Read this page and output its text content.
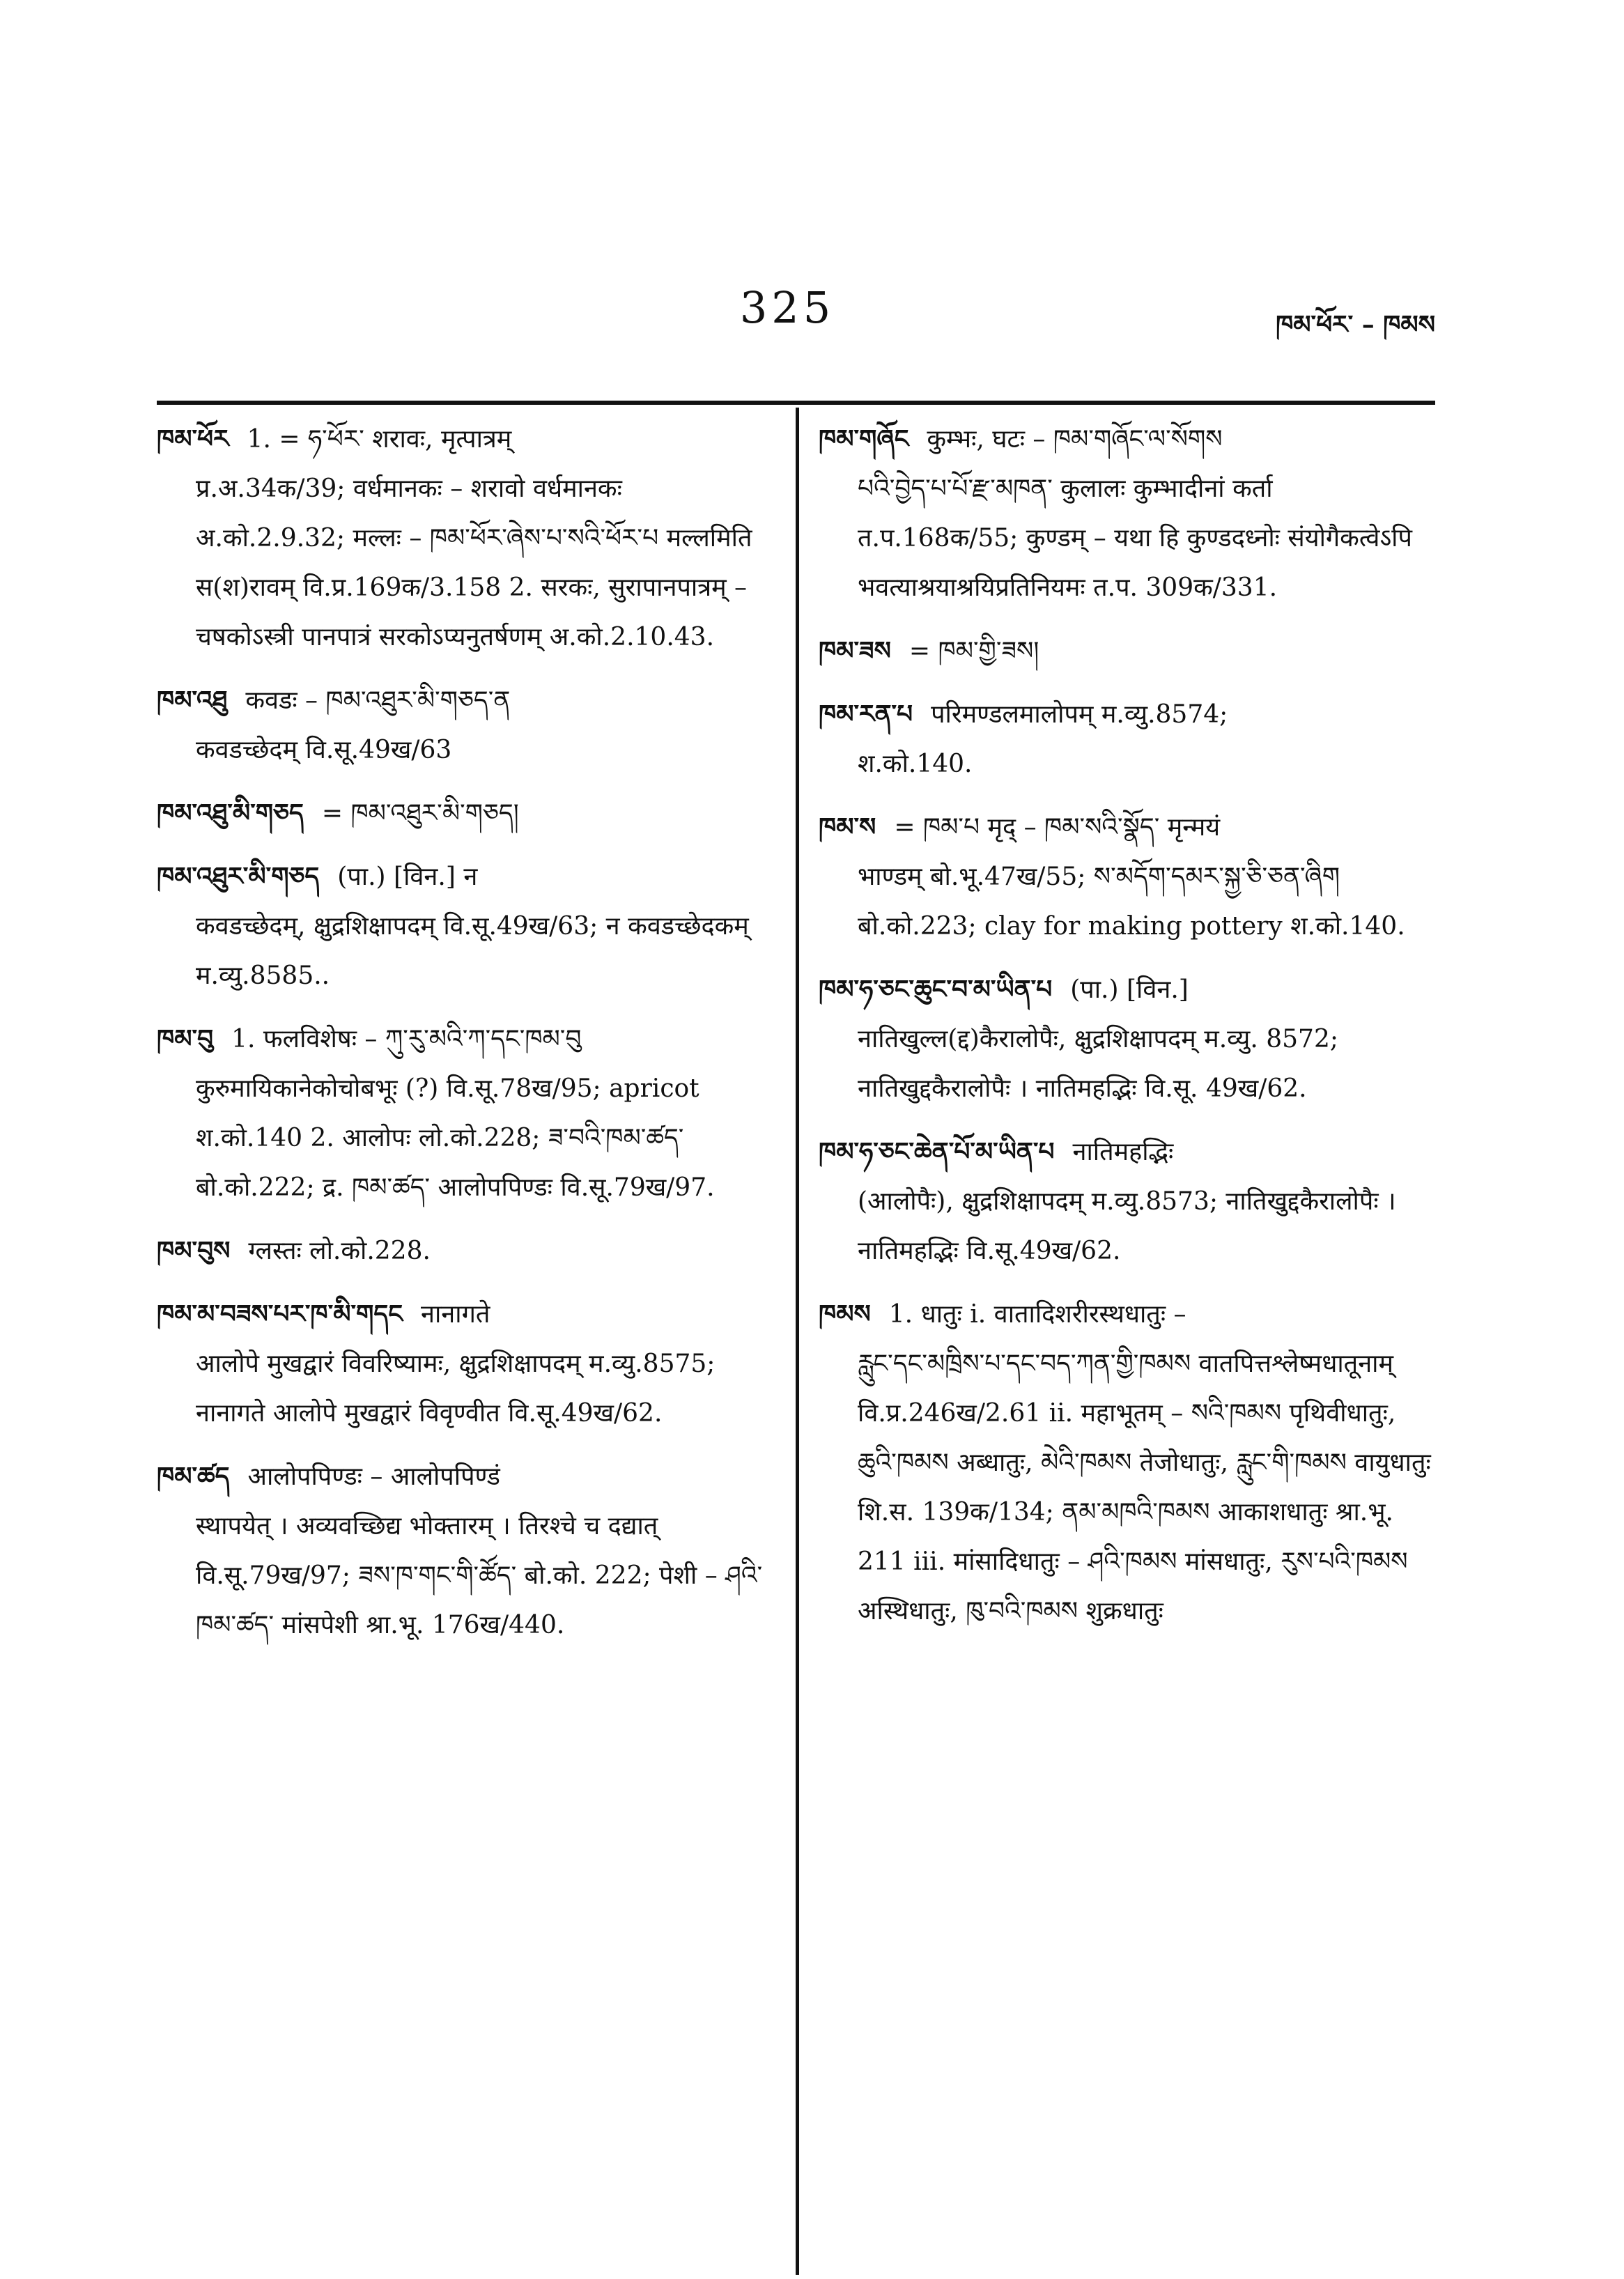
325	ཁམ་ཕོར་ – ཁམས
ཁམ་ཕོར 1. = ཧ་ཕོར་ शरावः, मृत्पात्रम्
प्र.अ.34क/39; वर्धमानकः – शरावो वर्धमानकः अ.को.2.9.32; मल्लः – ཁམ་ཕོར་ཞེས་པ་སའི་ཕོར་པ मल्लमिति स(श)रावम् वि.प्र.169क/3.158 2. सरकः, सुरापानपात्रम् – चषकोऽस्त्री पानपात्रं सरकोऽप्यनुतर्षणम् अ.को.2.10.43.
ཁམ་འཐུ कवडः – ཁམ་འཐུར་མི་གཅད་ན
कवडच्छेदम् वि.सू.49ख/63
ཁམ་འཐུ་མི་གཅད = ཁམ་འཐུར་མི་གཅད།
ཁམ་འཐུར་མི་གཅད (पा.) [विन.] न
कवडच्छेदम्, क्षुद्रशिक्षापदम् वि.सू.49ख/63; न कवडच्छेदकम् म.व्यु.8585..
ཁམ་བུ 1. फलविशेषः – ཀུ་རུ་མའི་ཀ་དང་ཁམ་བུ
कुरुमायिकानेकोचोबभूः (?) वि.सू.78ख/95; apricot श.को.140 2. आलोपः लो.को.228; ཟ་བའི་ཁམ་ཚད་ बो.को.222; द्र. ཁམ་ཚད་ आलोपपिण्डः वि.सू.79ख/97.
ཁམ་བུས ग्लस्तः लो.को.228.
ཁམ་མ་བཟས་པར་ཁ་མི་གདང नानागते
आलोपे मुखद्वारं विवरिष्यामः, क्षुद्रशिक्षापदम् म.व्यु.8575; नानागते आलोपे मुखद्वारं विवृण्वीत वि.सू.49ख/62.
ཁམ་ཚད आलोपपिण्डः – आलोपपिण्डं
स्थापयेत् । अव्यवच्छिद्य भोक्तारम् । तिरश्चे च दद्यात् वि.सू.79ख/97; ཟས་ཁ་གང་གི་ཚོད་ बो.को. 222; पेशी – ཤའི་ཁམ་ཚད་ मांसपेशी श्रा.भू. 176ख/440.
ཁམ་གཞོང कुम्भः, घटः – ཁམ་གཞོང་ལ་སོགས
པའི་བྱེད་པ་པོ་རྫ་མཁན་ कुलालः कुम्भादीनां कर्ता त.प.168क/55; कुण्डम् – यथा हि कुण्डदध्नोः संयोगैकत्वेऽपि भवत्याश्रयाश्रयिप्रतिनियमः त.प. 309क/331.
ཁམ་ཟས = ཁམ་གྱི་ཟས།
ཁམ་རན་པ परिमण्डलमालोपम् म.व्यु.8574;
श.को.140.
ཁམ་ས = ཁམ་པ मृद् – ཁམ་སའི་སྣོད་ मृन्मयं
भाण्डम् बो.भू.47ख/55; ས་མདོག་དམར་སྐྱ་ཅི་ཅན་ཞིག बो.को.223; clay for making pottery श.को.140.
ཁམ་ཧ་ཅང་ཆུང་བ་མ་ཡིན་པ (पा.) [विन.]
नातिखुल्ल(द्द)कैरालोपैः, क्षुद्रशिक्षापदम् म.व्यु. 8572; नातिखुद्दकैरालोपैः । नातिमहद्भिः वि.सू. 49ख/62.
ཁམ་ཧ་ཅང་ཆེན་པོ་མ་ཡིན་པ नातिमहद्भिः
(आलोपैः), क्षुद्रशिक्षापदम् म.व्यु.8573; नातिखुद्दकैरालोपैः । नातिमहद्भिः वि.सू.49ख/62.
ཁམས 1. धातुः i. वातादिशरीरस्थधातुः –
རླུང་དང་མཁྲིས་པ་དང་བད་ཀན་གྱི་ཁམས वातपित्तश्लेष्मधातूनाम् वि.प्र.246ख/2.61 ii. महाभूतम् – སའི་ཁམས पृथिवीधातुः, ཆུའི་ཁམས अब्धातुः, མེའི་ཁམས तेजोधातुः, རླུང་གི་ཁམས वायुधातुः शि.स. 139क/134; ནམ་མཁའི་ཁམས आकाशधातुः श्रा.भू. 211 iii. मांसादिधातुः – ཤའི་ཁམས मांसधातुः, རུས་པའི་ཁམས अस्थिधातुः, ཁུ་བའི་ཁམས शुक्रधातुः
